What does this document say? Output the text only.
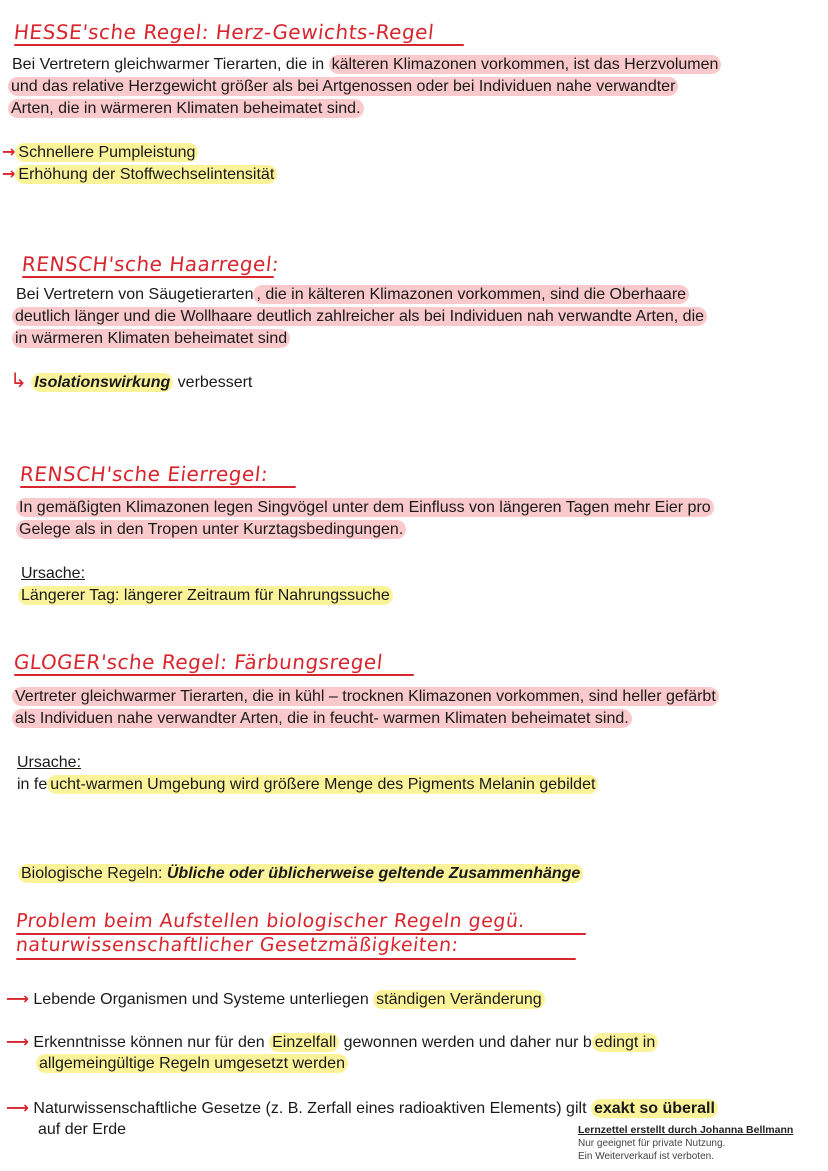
HESSE'sche Regel: Herz-Gewichts-Regel
Bei Vertretern gleichwarmer Tierarten, die in kälteren Klimazonen vorkommen, ist das Herzvolumen
und das relative Herzgewicht größer als bei Artgenossen oder bei Individuen nahe verwandter
Arten, die in wärmeren Klimaten beheimatet sind.
→ Schnellere Pumpleistung
→ Erhöhung der Stoffwechselintensität
RENSCH'sche Haarregel:
Bei Vertretern von Säugetierarten , die in kälteren Klimazonen vorkommen, sind die Oberhaare
deutlich länger und die Wollhaare deutlich zahlreicher als bei Individuen nah verwandte Arten, die
in wärmeren Klimaten beheimatet sind
↳ Isolationswirkung verbessert
RENSCH'sche Eierregel:
In gemäßigten Klimazonen legen Singvögel unter dem Einfluss von längeren Tagen mehr Eier pro
Gelege als in den Tropen unter Kurztagsbedingungen.
Ursache:
Längerer Tag: längerer Zeitraum für Nahrungssuche
GLOGER'sche Regel: Färbungsregel
Vertreter gleichwarmer Tierarten, die in kühl – trocknen Klimazonen vorkommen, sind heller gefärbt
als Individuen nahe verwandter Arten, die in feucht- warmen Klimaten beheimatet sind.
Ursache:
in fe ucht-warmen Umgebung wird größere Menge des Pigments Melanin gebildet
Biologische Regeln: Übliche oder üblicherweise geltende Zusammenhänge
Problem beim Aufstellen biologischer Regeln gegü.
naturwissenschaftlicher Gesetzmäßigkeiten:
⟶ Lebende Organismen und Systeme unterliegen ständigen Veränderung
⟶ Erkenntnisse können nur für den Einzelfall gewonnen werden und daher nur b edingt in
allgemeingültige Regeln umgesetzt werden
⟶ Naturwissenschaftliche Gesetze (z. B. Zerfall eines radioaktiven Elements) gilt exakt so überall
auf der Erde	Lernzettel erstellt durch Johanna Bellmann
Nur geeignet für private Nutzung.
Ein Weiterverkauf ist verboten.
